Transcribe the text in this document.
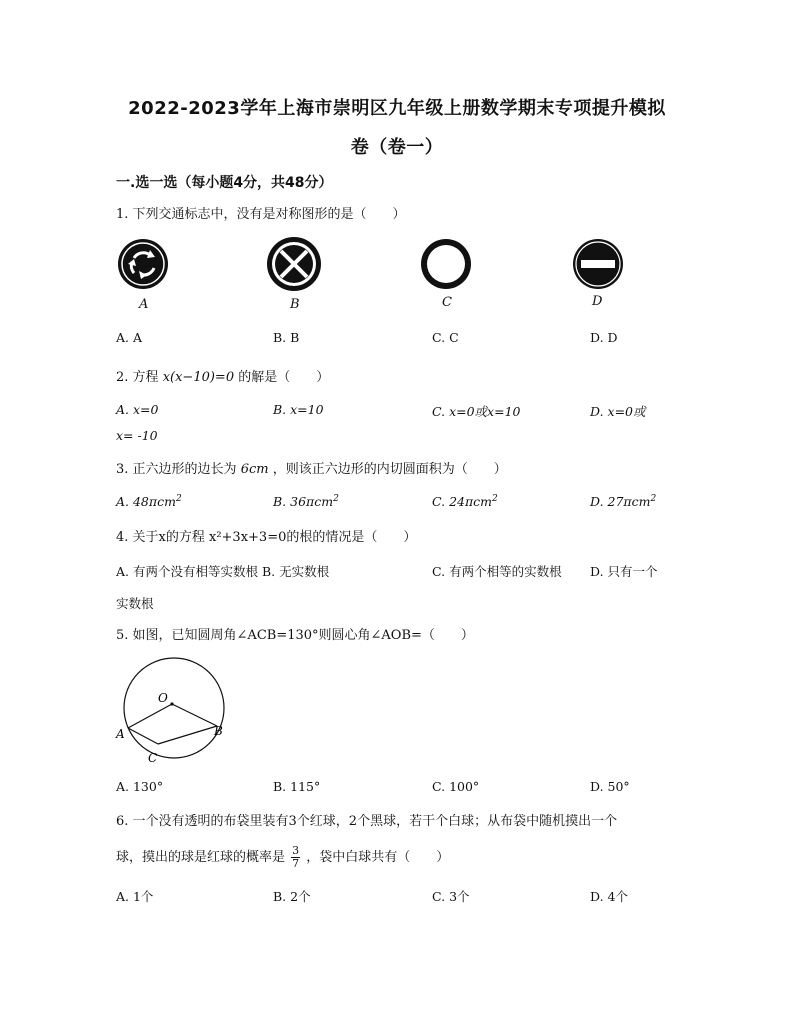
2022-2023学年上海市崇明区九年级上册数学期末专项提升模拟
卷（卷一）
一.选一选（每小题4分，共48分）
1. 下列交通标志中，没有是对称图形的是（　　）
A	B	C	D
A. A	B. B	C. C	D. D
2. 方程 x(x−10)=0 的解是（　　）
A. x=0	B. x=10	C. x=0或x=10	D. x=0或
x= -10
3. 正六边形的边长为 6cm ，则该正六边形的内切圆面积为（　　）
A. 48πcm$^2$	B. 36πcm$^2$	C. 24πcm$^2$	D. 27πcm$^2$
4. 关于x的方程 x²+3x+3=0的根的情况是（　　）
A. 有两个没有相等实数根 B. 无实数根	C. 有两个相等的实数根 D. 只有一个
实数根
5. 如图，已知圆周角∠ACB=130°则圆心角∠AOB=（　　）
O
A	B
C
A. 130°	B. 115°	C. 100°	D. 50°
6. 一个没有透明的布袋里装有3个红球，2个黑球，若干个白球；从布袋中随机摸出一个
球，摸出的球是红球的概率是 $\frac{3}{7}$ ，袋中白球共有（　　）
A. 1个	B. 2个	C. 3个	D. 4个
